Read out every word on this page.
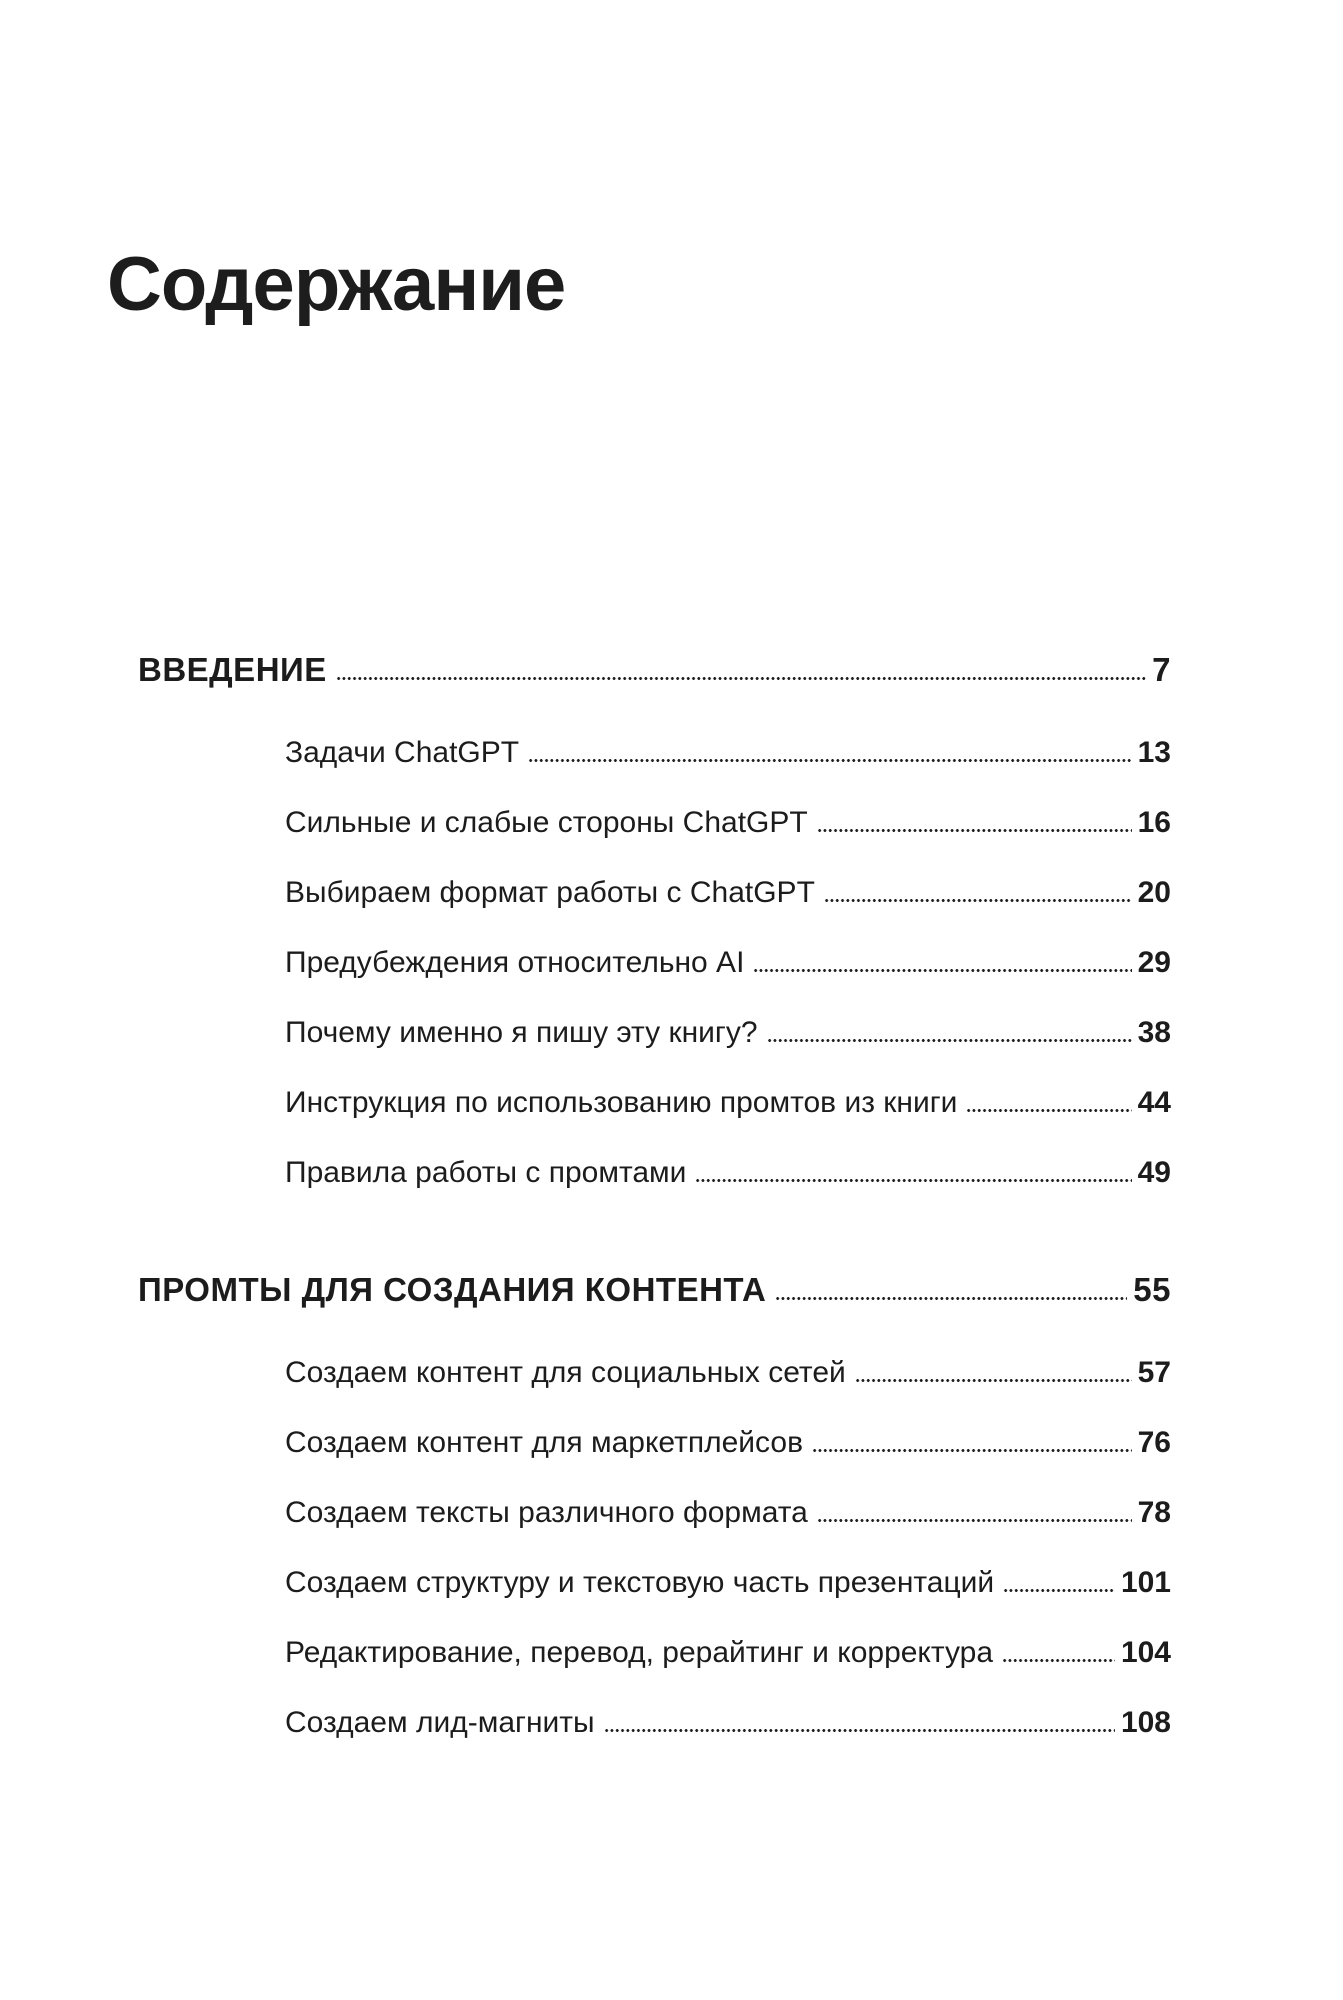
Содержание
ВВЕДЕНИЕ	7
Задачи ChatGPT	13
Сильные и слабые стороны ChatGPT	16
Выбираем формат работы с ChatGPT	20
Предубеждения относительно AI	29
Почему именно я пишу эту книгу?	38
Инструкция по использованию промтов из книги	44
Правила работы с промтами	49
ПРОМТЫ ДЛЯ СОЗДАНИЯ КОНТЕНТА	55
Создаем контент для социальных сетей	57
Создаем контент для маркетплейсов	76
Создаем тексты различного формата	78
Создаем структуру и текстовую часть презентаций	101
Редактирование, перевод, рерайтинг и корректура	104
Создаем лид-магниты	108
